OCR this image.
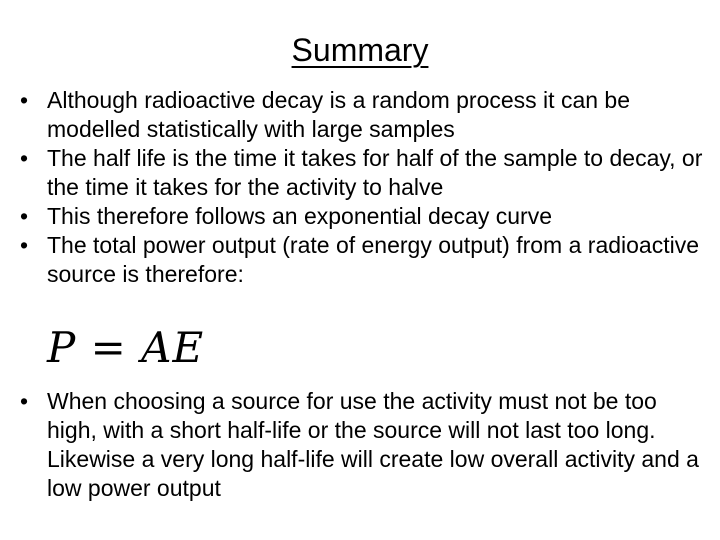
Summary
• Although radioactive decay is a random process it can be modelled statistically with large samples
• The half life is the time it takes for half of the sample to decay, or the time it takes for the activity to halve
• This therefore follows an exponential decay curve
• The total power output (rate of energy output) from a radioactive source is therefore:
P = AE
• When choosing a source for use the activity must not be too high, with a short half-life or the source will not last too long. Likewise a very long half-life will create low overall activity and a low power output
